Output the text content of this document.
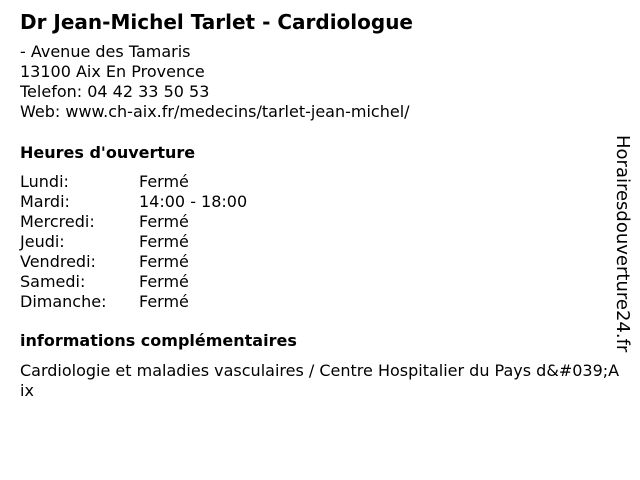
Dr Jean-Michel Tarlet - Cardiologue
- Avenue des Tamaris
13100 Aix En Provence
Telefon: 04 42 33 50 53
Web: www.ch-aix.fr/medecins/tarlet-jean-michel/
Heures d'ouverture
Lundi:	Fermé
Mardi:	14:00 - 18:00
Mercredi:	Fermé
Jeudi:	Fermé
Vendredi:	Fermé
Samedi:	Fermé
Dimanche:	Fermé
informations complémentaires
Cardiologie et maladies vasculaires / Centre Hospitalier du Pays d&#039;Aix
Horairesdouverture24.fr
